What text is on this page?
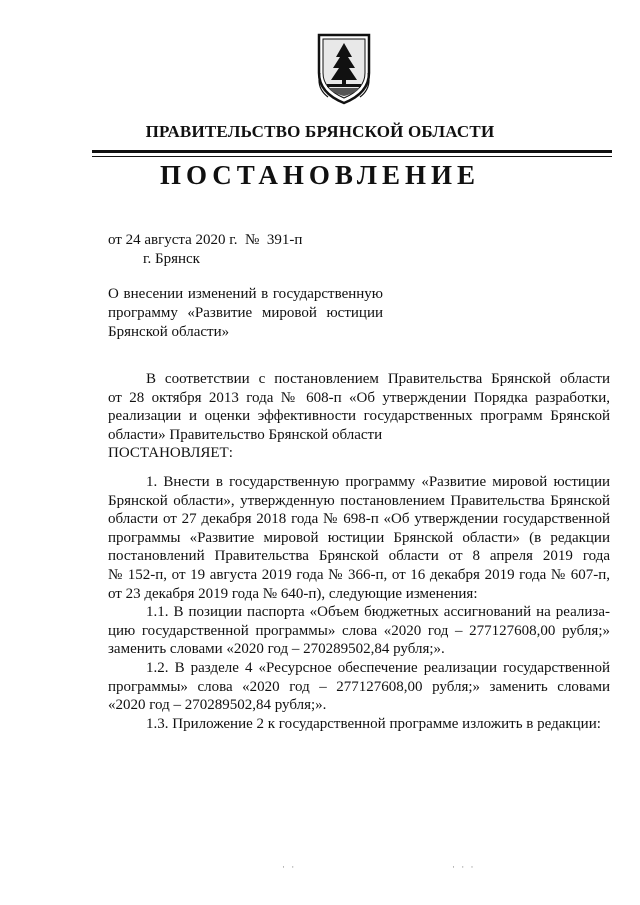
ПРАВИТЕЛЬСТВО БРЯНСКОЙ ОБЛАСТИ
ПОСТАНОВЛЕНИЕ
от 24 августа 2020 г.  №  391-п
г. Брянск
О внесении изменений в государственную
программу «Развитие мировой юстиции
Брянской области»
В соответствии с постановлением Правительства Брянской области
от 28 октября 2013 года № 608-п «Об утверждении Порядка разработки,
реализации и оценки эффективности государственных программ Брянской
области» Правительство Брянской области
ПОСТАНОВЛЯЕТ:
1. Внести в государственную программу «Развитие мировой юстиции
Брянской области», утвержденную постановлением Правительства Брянской
области от 27 декабря 2018 года № 698-п «Об утверждении государственной
программы «Развитие мировой юстиции Брянской области» (в редакции
постановлений Правительства Брянской области от 8 апреля 2019 года
№ 152-п, от 19 августа 2019 года № 366-п, от 16 декабря 2019 года № 607-п,
от 23 декабря 2019 года № 640-п), следующие изменения:
1.1. В позиции паспорта «Объем бюджетных ассигнований на реализа-
цию государственной программы» слова «2020 год – 277127608,00 рубля;»
заменить словами «2020 год – 270289502,84 рубля;».
1.2. В разделе 4 «Ресурсное обеспечение реализации государственной
программы» слова «2020 год – 277127608,00 рубля;» заменить словами
«2020 год – 270289502,84 рубля;».
1.3. Приложение 2 к государственной программе изложить в редакции:
· ·	· · ·
